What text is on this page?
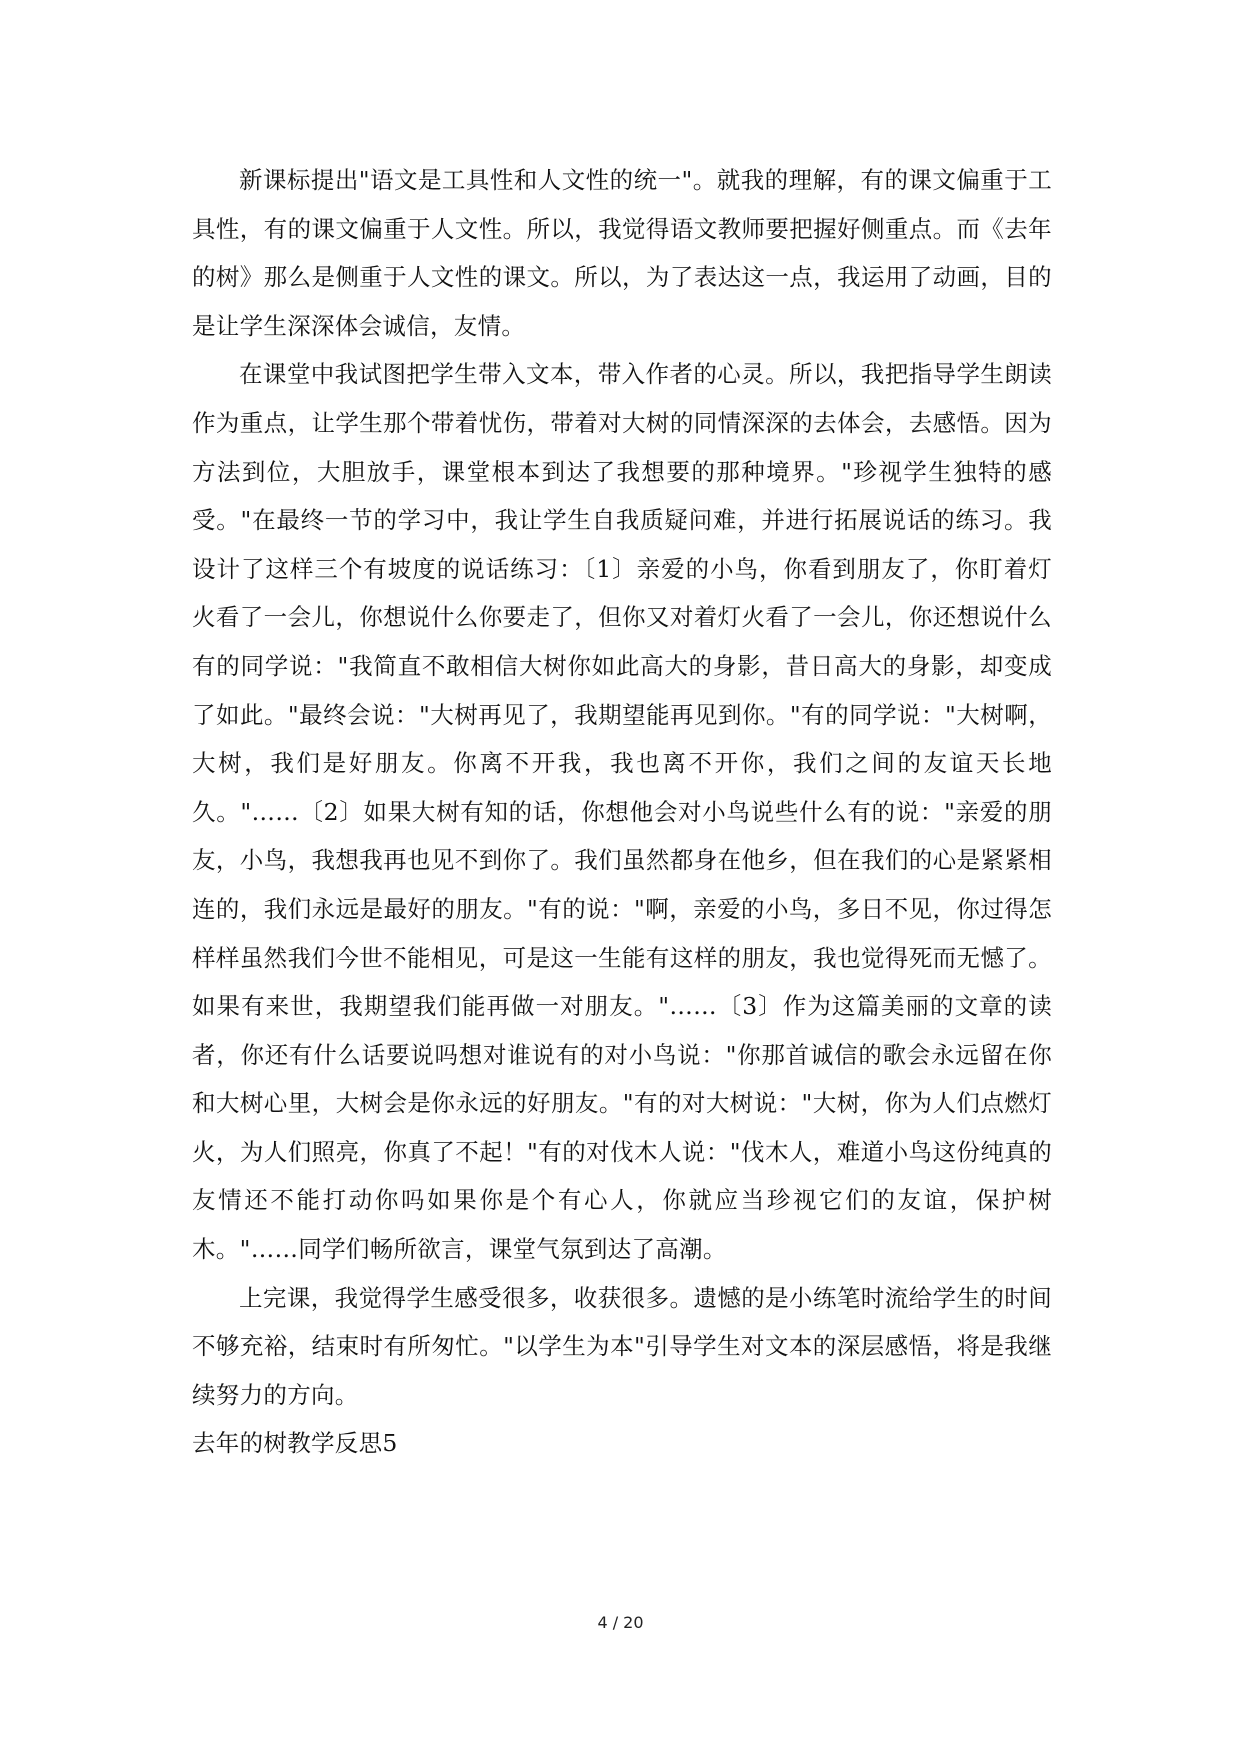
新课标提出"语文是工具性和人文性的统一"。就我的理解，有的课文偏重于工具性，有的课文偏重于人文性。所以，我觉得语文教师要把握好侧重点。而《去年的树》那么是侧重于人文性的课文。所以，为了表达这一点，我运用了动画，目的是让学生深深体会诚信，友情。

在课堂中我试图把学生带入文本，带入作者的心灵。所以，我把指导学生朗读作为重点，让学生那个带着忧伤，带着对大树的同情深深的去体会，去感悟。因为方法到位，大胆放手，课堂根本到达了我想要的那种境界。"珍视学生独特的感受。"在最终一节的学习中，我让学生自我质疑问难，并进行拓展说话的练习。我设计了这样三个有坡度的说话练习：〔1〕亲爱的小鸟，你看到朋友了，你盯着灯火看了一会儿，你想说什么你要走了，但你又对着灯火看了一会儿，你还想说什么有的同学说："我简直不敢相信大树你如此高大的身影，昔日高大的身影，却变成了如此。"最终会说："大树再见了，我期望能再见到你。"有的同学说："大树啊，大树，我们是好朋友。你离不开我，我也离不开你，我们之间的友谊天长地久。"……〔2〕如果大树有知的话，你想他会对小鸟说些什么有的说："亲爱的朋友，小鸟，我想我再也见不到你了。我们虽然都身在他乡，但在我们的心是紧紧相连的，我们永远是最好的朋友。"有的说："啊，亲爱的小鸟，多日不见，你过得怎样样虽然我们今世不能相见，可是这一生能有这样的朋友，我也觉得死而无憾了。如果有来世，我期望我们能再做一对朋友。"……〔3〕作为这篇美丽的文章的读者，你还有什么话要说吗想对谁说有的对小鸟说："你那首诚信的歌会永远留在你和大树心里，大树会是你永远的好朋友。"有的对大树说："大树，你为人们点燃灯火，为人们照亮，你真了不起！"有的对伐木人说："伐木人，难道小鸟这份纯真的友情还不能打动你吗如果你是个有心人，你就应当珍视它们的友谊，保护树木。"……同学们畅所欲言，课堂气氛到达了高潮。

上完课，我觉得学生感受很多，收获很多。遗憾的是小练笔时流给学生的时间不够充裕，结束时有所匆忙。"以学生为本"引导学生对文本的深层感悟，将是我继续努力的方向。

去年的树教学反思5

4 / 20
